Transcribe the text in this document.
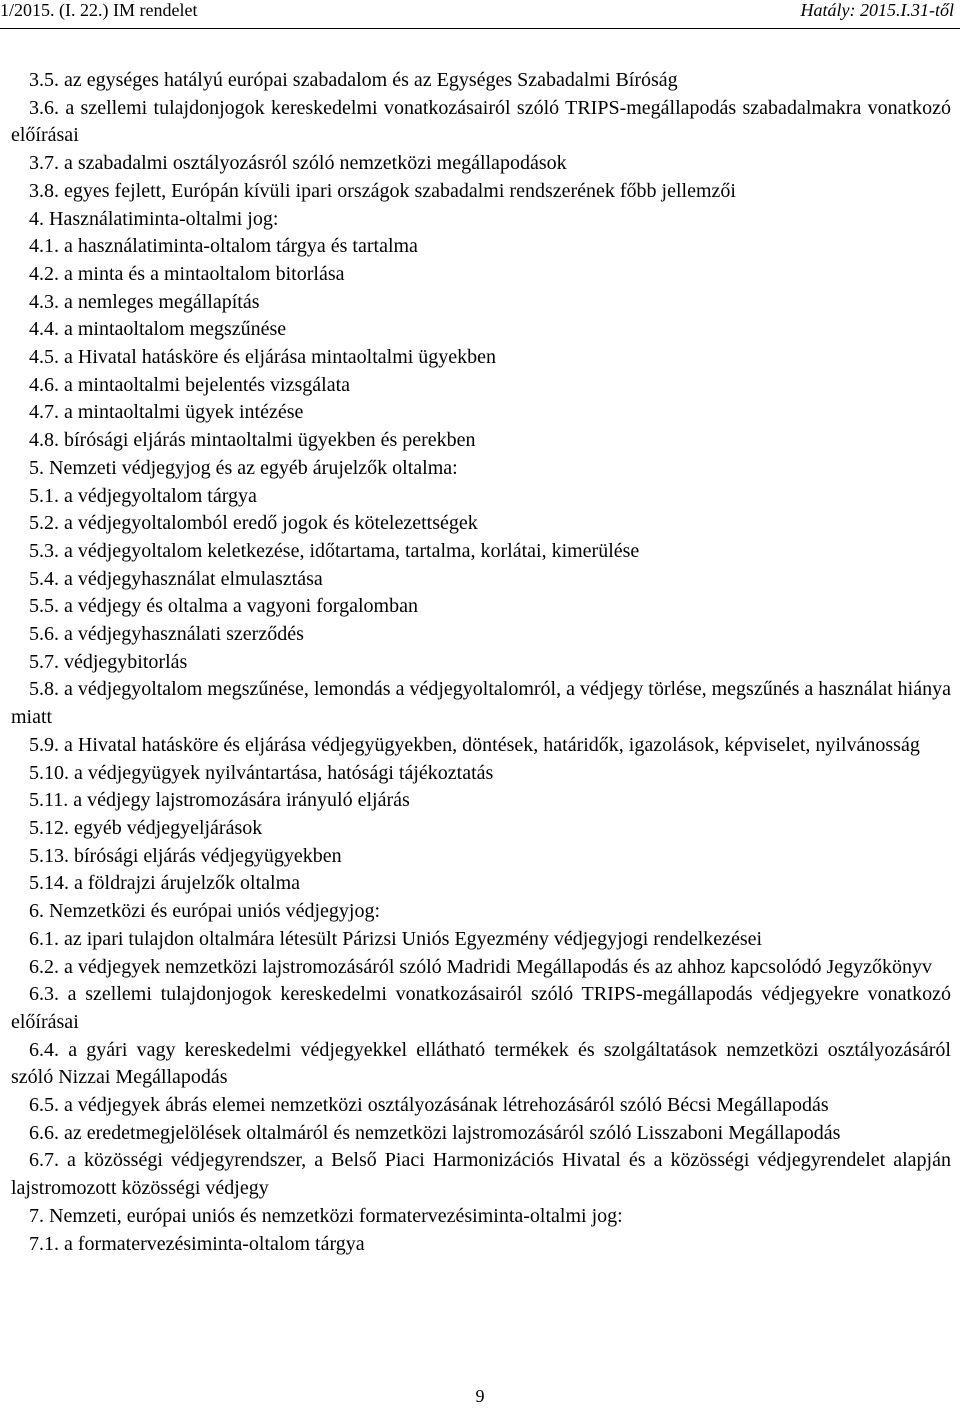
1/2015. (I. 22.) IM rendelet	Hatály: 2015.I.31-től
3.5. az egységes hatályú európai szabadalom és az Egységes Szabadalmi Bíróság
3.6. a szellemi tulajdonjogok kereskedelmi vonatkozásairól szóló TRIPS-megállapodás szabadalmakra vonatkozó előírásai
3.7. a szabadalmi osztályozásról szóló nemzetközi megállapodások
3.8. egyes fejlett, Európán kívüli ipari országok szabadalmi rendszerének főbb jellemzői
4. Használatiminta-oltalmi jog:
4.1. a használatiminta-oltalom tárgya és tartalma
4.2. a minta és a mintaoltalom bitorlása
4.3. a nemleges megállapítás
4.4. a mintaoltalom megszűnése
4.5. a Hivatal hatásköre és eljárása mintaoltalmi ügyekben
4.6. a mintaoltalmi bejelentés vizsgálata
4.7. a mintaoltalmi ügyek intézése
4.8. bírósági eljárás mintaoltalmi ügyekben és perekben
5. Nemzeti védjegyjog és az egyéb árujelzők oltalma:
5.1. a védjegyoltalom tárgya
5.2. a védjegyoltalomból eredő jogok és kötelezettségek
5.3. a védjegyoltalom keletkezése, időtartama, tartalma, korlátai, kimerülése
5.4. a védjegyhasználat elmulasztása
5.5. a védjegy és oltalma a vagyoni forgalomban
5.6. a védjegyhasználati szerződés
5.7. védjegybitorlás
5.8. a védjegyoltalom megszűnése, lemondás a védjegyoltalomról, a védjegy törlése, megszűnés a használat hiánya miatt
5.9. a Hivatal hatásköre és eljárása védjegyügyekben, döntések, határidők, igazolások, képviselet, nyilvánosság
5.10. a védjegyügyek nyilvántartása, hatósági tájékoztatás
5.11. a védjegy lajstromozására irányuló eljárás
5.12. egyéb védjegyeljárások
5.13. bírósági eljárás védjegyügyekben
5.14. a földrajzi árujelzők oltalma
6. Nemzetközi és európai uniós védjegyjog:
6.1. az ipari tulajdon oltalmára létesült Párizsi Uniós Egyezmény védjegyjogi rendelkezései
6.2. a védjegyek nemzetközi lajstromozásáról szóló Madridi Megállapodás és az ahhoz kapcsolódó Jegyzőkönyv
6.3. a szellemi tulajdonjogok kereskedelmi vonatkozásairól szóló TRIPS-megállapodás védjegyekre vonatkozó előírásai
6.4. a gyári vagy kereskedelmi védjegyekkel ellátható termékek és szolgáltatások nemzetközi osztályozásáról szóló Nizzai Megállapodás
6.5. a védjegyek ábrás elemei nemzetközi osztályozásának létrehozásáról szóló Bécsi Megállapodás
6.6. az eredetmegjelölések oltalmáról és nemzetközi lajstromozásáról szóló Lisszaboni Megállapodás
6.7. a közösségi védjegyrendszer, a Belső Piaci Harmonizációs Hivatal és a közösségi védjegyrendelet alapján lajstromozott közösségi védjegy
7. Nemzeti, európai uniós és nemzetközi formatervezésiminta-oltalmi jog:
7.1. a formatervezésiminta-oltalom tárgya
9
